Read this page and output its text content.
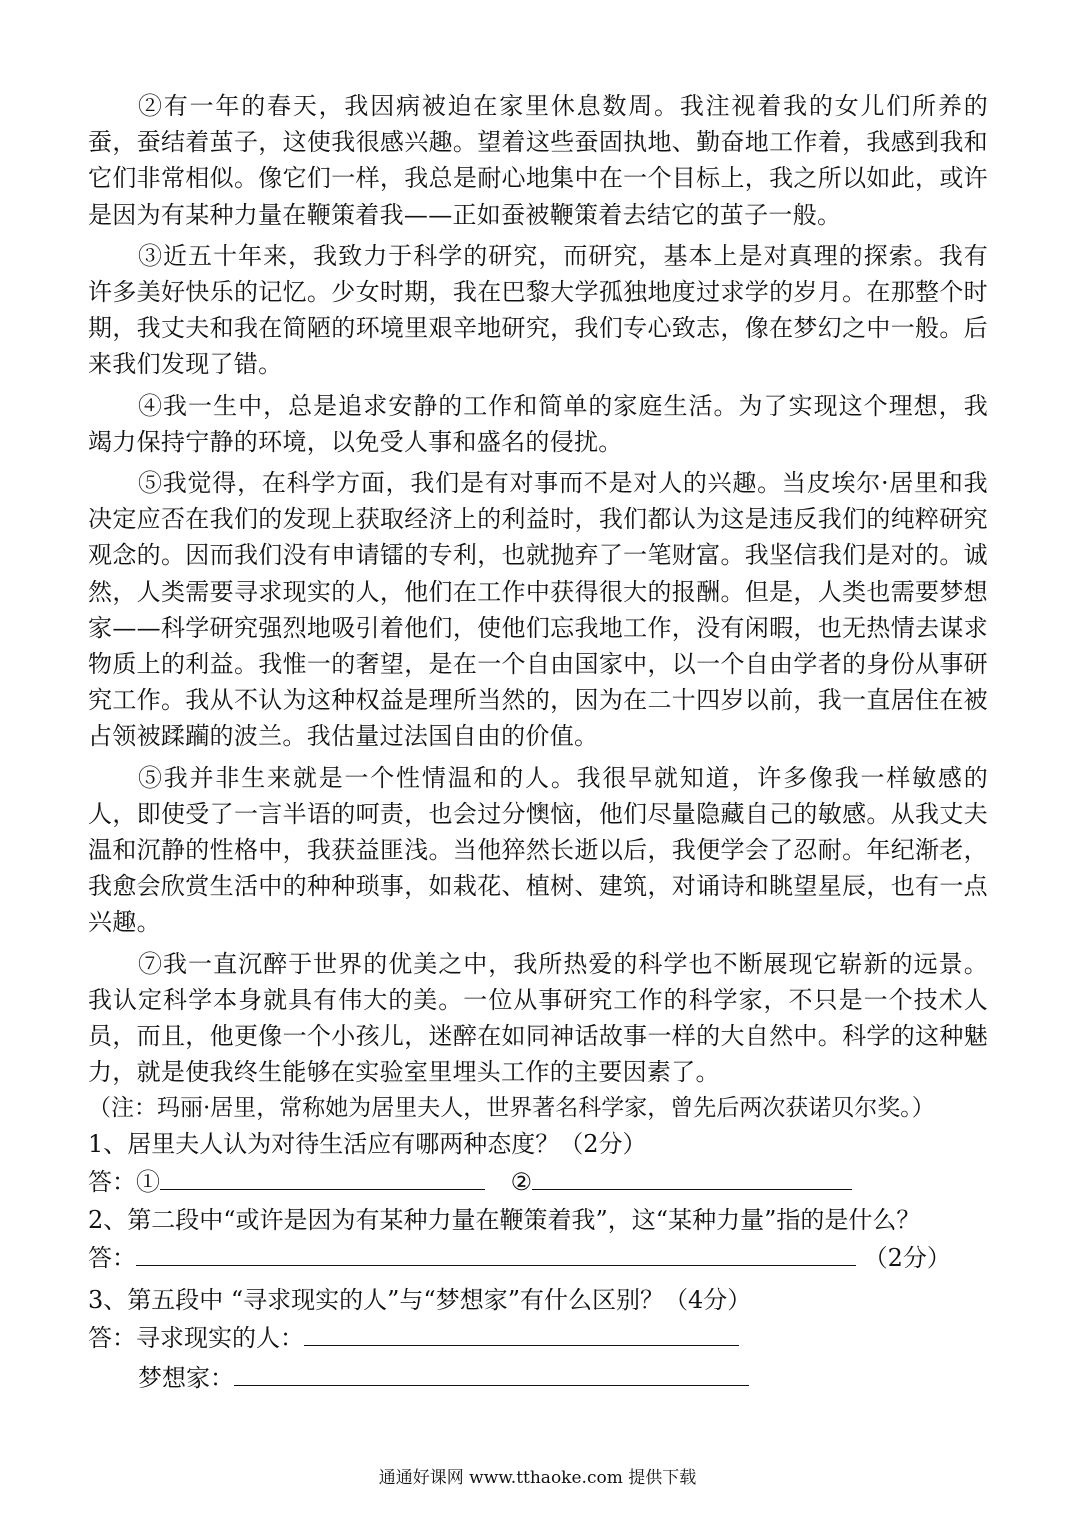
②有一年的春天，我因病被迫在家里休息数周。我注视着我的女儿们所养的蚕，蚕结着茧子，这使我很感兴趣。望着这些蚕固执地、勤奋地工作着，我感到我和它们非常相似。像它们一样，我总是耐心地集中在一个目标上，我之所以如此，或许是因为有某种力量在鞭策着我——正如蚕被鞭策着去结它的茧子一般。

③近五十年来，我致力于科学的研究，而研究，基本上是对真理的探索。我有许多美好快乐的记忆。少女时期，我在巴黎大学孤独地度过求学的岁月。在那整个时期，我丈夫和我在简陋的环境里艰辛地研究，我们专心致志，像在梦幻之中一般。后来我们发现了错。

④我一生中，总是追求安静的工作和简单的家庭生活。为了实现这个理想，我竭力保持宁静的环境，以免受人事和盛名的侵扰。

⑤我觉得，在科学方面，我们是有对事而不是对人的兴趣。当皮埃尔·居里和我决定应否在我们的发现上获取经济上的利益时，我们都认为这是违反我们的纯粹研究观念的。因而我们没有申请镭的专利，也就抛弃了一笔财富。我坚信我们是对的。诚然，人类需要寻求现实的人，他们在工作中获得很大的报酬。但是，人类也需要梦想家——科学研究强烈地吸引着他们，使他们忘我地工作，没有闲暇，也无热情去谋求物质上的利益。我惟一的奢望，是在一个自由国家中，以一个自由学者的身份从事研究工作。我从不认为这种权益是理所当然的，因为在二十四岁以前，我一直居住在被占领被蹂躏的波兰。我估量过法国自由的价值。

⑤我并非生来就是一个性情温和的人。我很早就知道，许多像我一样敏感的人，即使受了一言半语的呵责，也会过分懊恼，他们尽量隐藏自己的敏感。从我丈夫温和沉静的性格中，我获益匪浅。当他猝然长逝以后，我便学会了忍耐。年纪渐老，我愈会欣赏生活中的种种琐事，如栽花、植树、建筑，对诵诗和眺望星辰，也有一点兴趣。

⑦我一直沉醉于世界的优美之中，我所热爱的科学也不断展现它崭新的远景。我认定科学本身就具有伟大的美。一位从事研究工作的科学家，不只是一个技术人员，而且，他更像一个小孩儿，迷醉在如同神话故事一样的大自然中。科学的这种魅力，就是使我终生能够在实验室里埋头工作的主要因素了。

（注：玛丽·居里，常称她为居里夫人，世界著名科学家，曾先后两次获诺贝尔奖。）

1、居里夫人认为对待生活应有哪两种态度？（2分）

答：①	②

2、第二段中“或许是因为有某种力量在鞭策着我”，这“某种力量”指的是什么？

答：	（2分）

3、第五段中 “寻求现实的人”与“梦想家”有什么区别？（4分）

答：寻求现实的人：
梦想家：
通通好课网 www.tthaoke.com 提供下载
